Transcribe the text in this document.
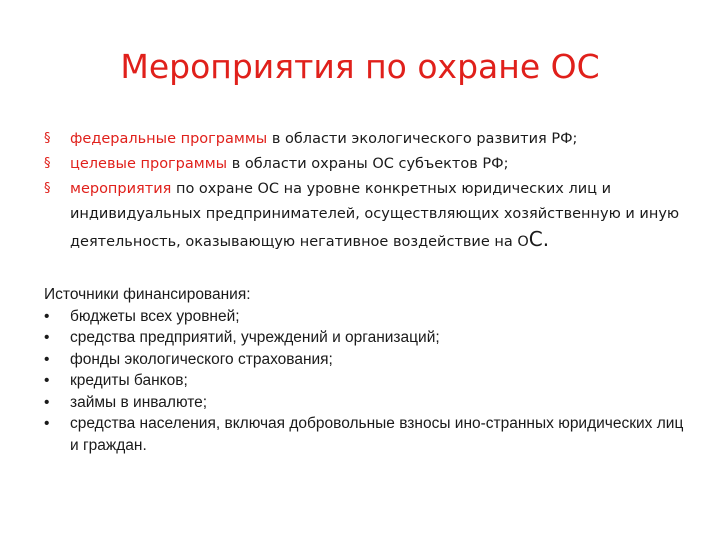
Мероприятия по охране ОС
§
федеральные программы в области экологического развития РФ;
§
целевые программы в области охраны ОС субъектов РФ;
§
мероприятия по охране ОС на уровне конкретных юридических лиц и индивидуальных предпринимателей, осуществляющих хозяйственную и иную деятельность, оказывающую негативное воздействие на ОС.

Источники финансирования:

•
бюджеты всех уровней;
•
средства предприятий, учреждений и организаций;
•
фонды экологического страхования;
•
кредиты банков;
•
займы в инвалюте;
•
средства населения, включая добровольные взносы ино-странных юридических лиц и граждан.
